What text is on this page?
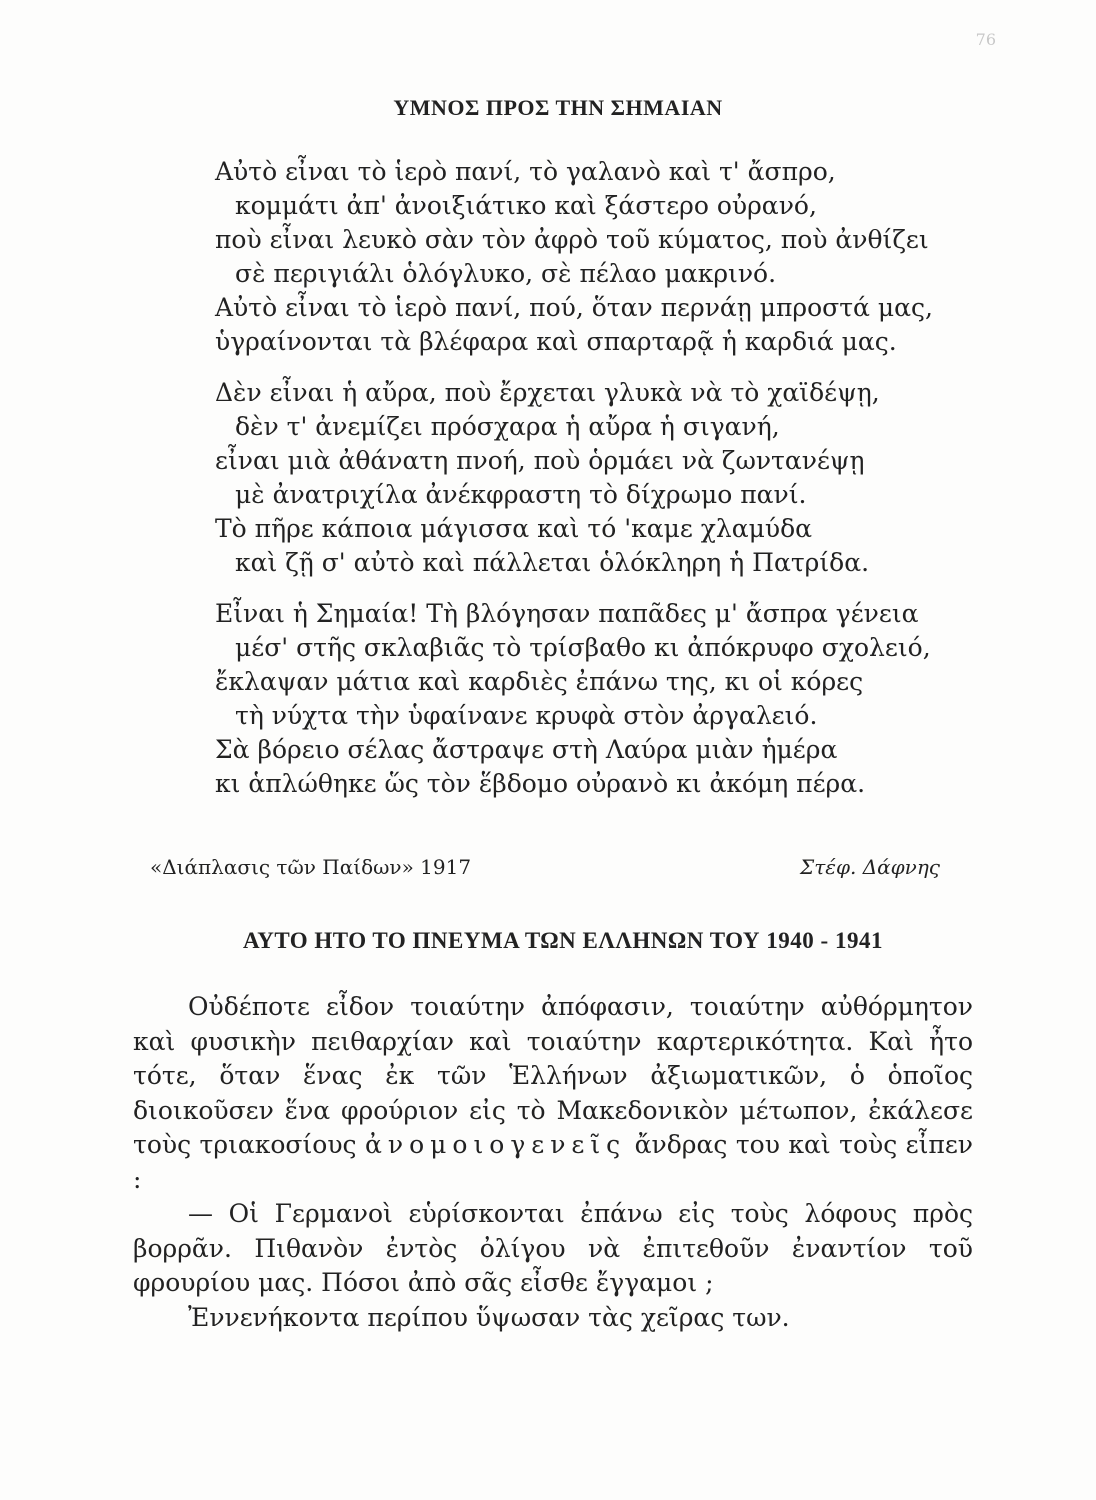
76
ΥΜΝΟΣ ΠΡΟΣ ΤΗΝ ΣΗΜΑΙΑΝ
Αὐτὸ εἶναι τὸ ἱερὸ πανί, τὸ γαλανὸ καὶ τ' ἄσπρο,
κομμάτι ἀπ' ἀνοιξιάτικο καὶ ξάστερο οὐρανό,
ποὺ εἶναι λευκὸ σὰν τὸν ἀφρὸ τοῦ κύματος, ποὺ ἀνθίζει
σὲ περιγιάλι ὁλόγλυκο, σὲ πέλαο μακρινό.
Αὐτὸ εἶναι τὸ ἱερὸ πανί, πού, ὅταν περνάῃ μπροστά μας,
ὑγραίνονται τὰ βλέφαρα καὶ σπαρταρᾷ ἡ καρδιά μας.
Δὲν εἶναι ἡ αὔρα, ποὺ ἔρχεται γλυκὰ νὰ τὸ χαϊδέψῃ,
δὲν τ' ἀνεμίζει πρόσχαρα ἡ αὔρα ἡ σιγανή,
εἶναι μιὰ ἀθάνατη πνοή, ποὺ ὁρμάει νὰ ζωντανέψῃ
μὲ ἀνατριχίλα ἀνέκφραστη τὸ δίχρωμο πανί.
Τὸ πῆρε κάποια μάγισσα καὶ τό 'καμε χλαμύδα
καὶ ζῇ σ' αὐτὸ καὶ πάλλεται ὁλόκληρη ἡ Πατρίδα.
Εἶναι ἡ Σημαία! Τὴ βλόγησαν παπᾶδες μ' ἄσπρα γένεια
μέσ' στῆς σκλαβιᾶς τὸ τρίσβαθο κι ἀπόκρυφο σχολειό,
ἔκλαψαν μάτια καὶ καρδιὲς ἐπάνω της, κι οἱ κόρες
τὴ νύχτα τὴν ὑφαίνανε κρυφὰ στὸν ἀργαλειό.
Σὰ βόρειο σέλας ἄστραψε στὴ Λαύρα μιὰν ἡμέρα
κι ἁπλώθηκε ὥς τὸν ἕβδομο οὐρανὸ κι ἀκόμη πέρα.
«Διάπλασις τῶν Παίδων» 1917	Στέφ. Δάφνης
ΑΥΤΟ ΗΤΟ ΤΟ ΠΝΕΥΜΑ ΤΩΝ ΕΛΛΗΝΩΝ ΤΟΥ 1940 - 1941

Οὐδέποτε εἶδον τοιαύτην ἀπόφασιν, τοιαύτην αὐθόρμητον καὶ φυσικὴν πειθαρχίαν καὶ τοιαύτην καρτερικότητα. Καὶ ἦτο τότε, ὅταν ἕνας ἐκ τῶν Ἑλλήνων ἀξιωματικῶν, ὁ ὁποῖος διοικοῦσεν ἕνα φρούριον εἰς τὸ Μακεδονικὸν μέτωπον, ἐκάλεσε τοὺς τριακοσίους ἀνομοιογενεῖς ἄνδρας του καὶ τοὺς εἶπεν :

— Οἱ Γερμανοὶ εὑρίσκονται ἐπάνω εἰς τοὺς λόφους πρὸς βορρᾶν. Πιθανὸν ἐντὸς ὀλίγου νὰ ἐπιτεθοῦν ἐναντίον τοῦ φρουρίου μας. Πόσοι ἀπὸ σᾶς εἶσθε ἔγγαμοι ;

Ἐννενήκοντα περίπου ὕψωσαν τὰς χεῖρας των.
